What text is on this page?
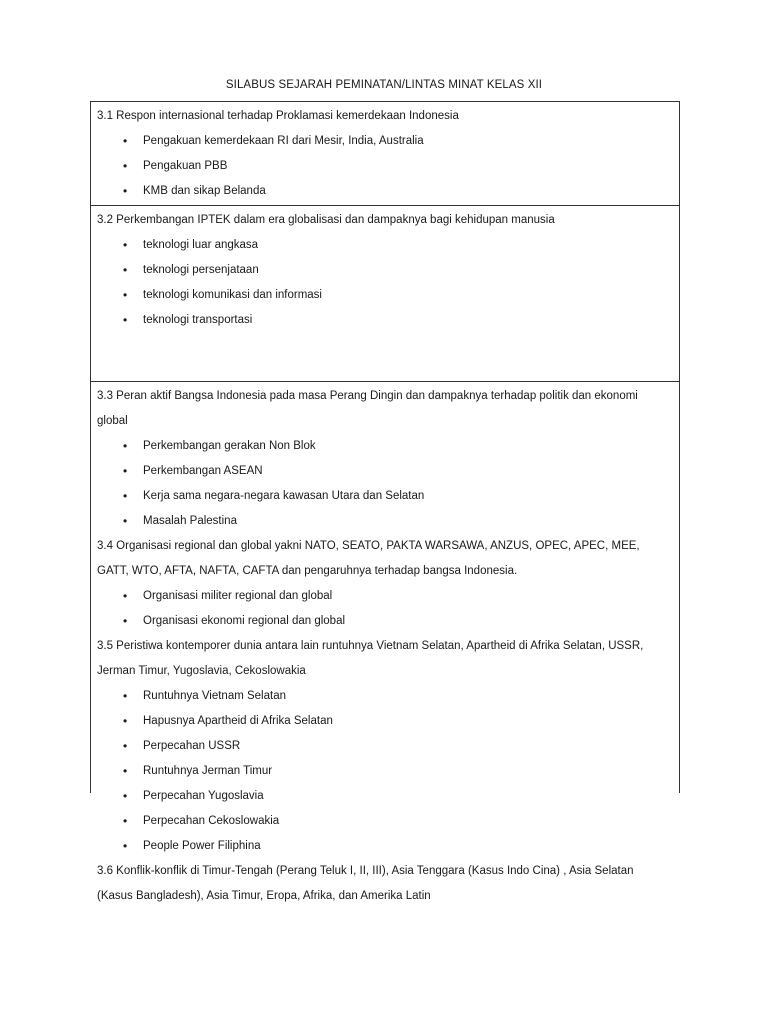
SILABUS SEJARAH PEMINATAN/LINTAS MINAT KELAS XII
3.1 Respon internasional terhadap Proklamasi kemerdekaan Indonesia
• Pengakuan kemerdekaan RI dari Mesir, India, Australia
• Pengakuan PBB
• KMB dan sikap Belanda
3.2 Perkembangan IPTEK dalam era globalisasi dan dampaknya bagi kehidupan manusia
• teknologi luar angkasa
• teknologi persenjataan
• teknologi komunikasi dan informasi
• teknologi transportasi
3.3 Peran aktif Bangsa Indonesia pada masa Perang Dingin dan dampaknya terhadap politik dan ekonomi global
• Perkembangan gerakan Non Blok
• Perkembangan ASEAN
• Kerja sama negara-negara kawasan Utara dan Selatan
• Masalah Palestina
3.4 Organisasi regional dan global yakni NATO, SEATO, PAKTA WARSAWA, ANZUS, OPEC, APEC, MEE, GATT, WTO, AFTA, NAFTA, CAFTA dan pengaruhnya terhadap bangsa Indonesia.
• Organisasi militer regional dan global
• Organisasi ekonomi regional dan global
3.5 Peristiwa kontemporer dunia antara lain runtuhnya Vietnam Selatan, Apartheid di Afrika Selatan, USSR, Jerman Timur, Yugoslavia, Cekoslowakia
• Runtuhnya Vietnam Selatan
• Hapusnya Apartheid di Afrika Selatan
• Perpecahan USSR
• Runtuhnya Jerman Timur
• Perpecahan Yugoslavia
• Perpecahan Cekoslowakia
• People Power Filiphina
3.6 Konflik-konflik di Timur-Tengah (Perang Teluk I, II, III), Asia Tenggara (Kasus Indo Cina) , Asia Selatan (Kasus Bangladesh), Asia Timur, Eropa, Afrika, dan Amerika Latin
